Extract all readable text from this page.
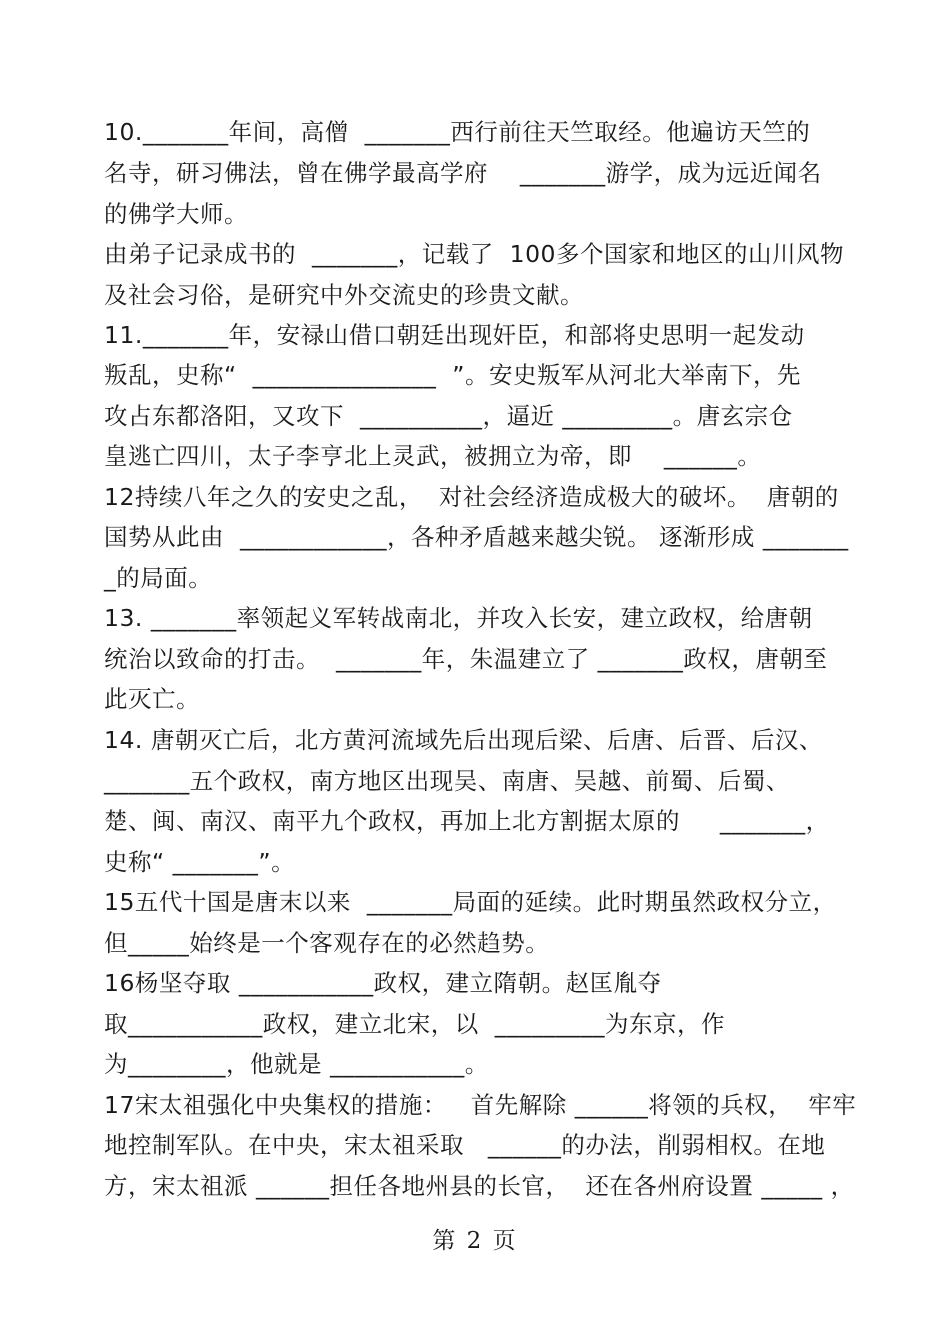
10._______年间，高僧  _______西行前往天竺取经。他遍访天竺的
名寺，研习佛法，曾在佛学最高学府    _______游学，成为远近闻名
的佛学大师。
由弟子记录成书的  _______，记载了  100多个国家和地区的山川风物
及社会习俗，是研究中外交流史的珍贵文献。
11._______年，安禄山借口朝廷出现奸臣，和部将史思明一起发动
叛乱，史称“  _______________  ”。安史叛军从河北大举南下，先
攻占东都洛阳，又攻下  __________，逼近 _________。唐玄宗仓
皇逃亡四川，太子李亨北上灵武，被拥立为帝，即    ______。
12持续八年之久的安史之乱，  对社会经济造成极大的破坏。  唐朝的
国势从此由  ____________，各种矛盾越来越尖锐。 逐渐形成 _______
_的局面。
13. _______率领起义军转战南北，并攻入长安，建立政权，给唐朝
统治以致命的打击。  _______年，朱温建立了 _______政权，唐朝至
此灭亡。
14. 唐朝灭亡后，北方黄河流域先后出现后梁、后唐、后晋、后汉、
_______五个政权，南方地区出现吴、南唐、吴越、前蜀、后蜀、
楚、闽、南汉、南平九个政权，再加上北方割据太原的     _______，
史称“ _______”。
15五代十国是唐末以来  _______局面的延续。此时期虽然政权分立，
但_____始终是一个客观存在的必然趋势。
16杨坚夺取 ___________政权，建立隋朝。赵匡胤夺
取___________政权，建立北宋，以  _________为东京，作
为________，他就是 ___________。
17宋太祖强化中央集权的措施：   首先解除 ______将领的兵权，  牢牢
地控制军队。在中央，宋太祖采取   ______的办法，削弱相权。在地
方，宋太祖派 ______担任各地州县的长官，  还在各州府设置 _____ ，
第 2 页
